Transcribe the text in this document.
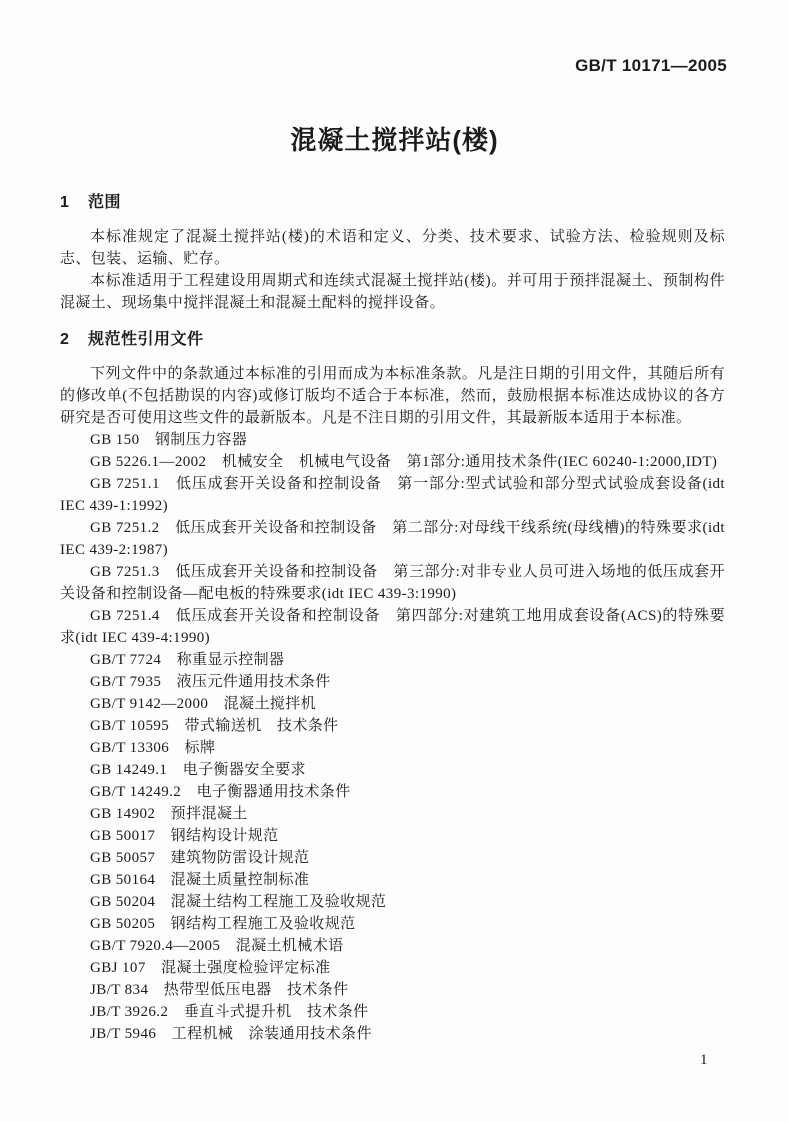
GB/T 10171—2005
混凝土搅拌站(楼)
1 范围

本标准规定了混凝土搅拌站(楼)的术语和定义、分类、技术要求、试验方法、检验规则及标志、包装、运输、贮存。

本标准适用于工程建设用周期式和连续式混凝土搅拌站(楼)。并可用于预拌混凝土、预制构件混凝土、现场集中搅拌混凝土和混凝土配料的搅拌设备。

2 规范性引用文件

下列文件中的条款通过本标准的引用而成为本标准条款。凡是注日期的引用文件，其随后所有的修改单(不包括勘误的内容)或修订版均不适合于本标准，然而，鼓励根据本标准达成协议的各方研究是否可使用这些文件的最新版本。凡是不注日期的引用文件，其最新版本适用于本标准。

GB 150　钢制压力容器

GB 5226.1—2002　机械安全　机械电气设备　第1部分:通用技术条件(IEC 60240-1:2000,IDT)

GB 7251.1　低压成套开关设备和控制设备　第一部分:型式试验和部分型式试验成套设备(idt IEC 439-1:1992)

GB 7251.2　低压成套开关设备和控制设备　第二部分:对母线干线系统(母线槽)的特殊要求(idt IEC 439-2:1987)

GB 7251.3　低压成套开关设备和控制设备　第三部分:对非专业人员可进入场地的低压成套开关设备和控制设备—配电板的特殊要求(idt IEC 439-3:1990)

GB 7251.4　低压成套开关设备和控制设备　第四部分:对建筑工地用成套设备(ACS)的特殊要求(idt IEC 439-4:1990)

GB/T 7724　称重显示控制器

GB/T 7935　液压元件通用技术条件

GB/T 9142—2000　混凝土搅拌机

GB/T 10595　带式输送机　技术条件

GB/T 13306　标牌

GB 14249.1　电子衡器安全要求

GB/T 14249.2　电子衡器通用技术条件

GB 14902　预拌混凝土

GB 50017　钢结构设计规范

GB 50057　建筑物防雷设计规范

GB 50164　混凝土质量控制标准

GB 50204　混凝土结构工程施工及验收规范

GB 50205　钢结构工程施工及验收规范

GB/T 7920.4—2005　混凝土机械术语

GBJ 107　混凝土强度检验评定标准

JB/T 834　热带型低压电器　技术条件

JB/T 3926.2　垂直斗式提升机　技术条件

JB/T 5946　工程机械　涂装通用技术条件

1
